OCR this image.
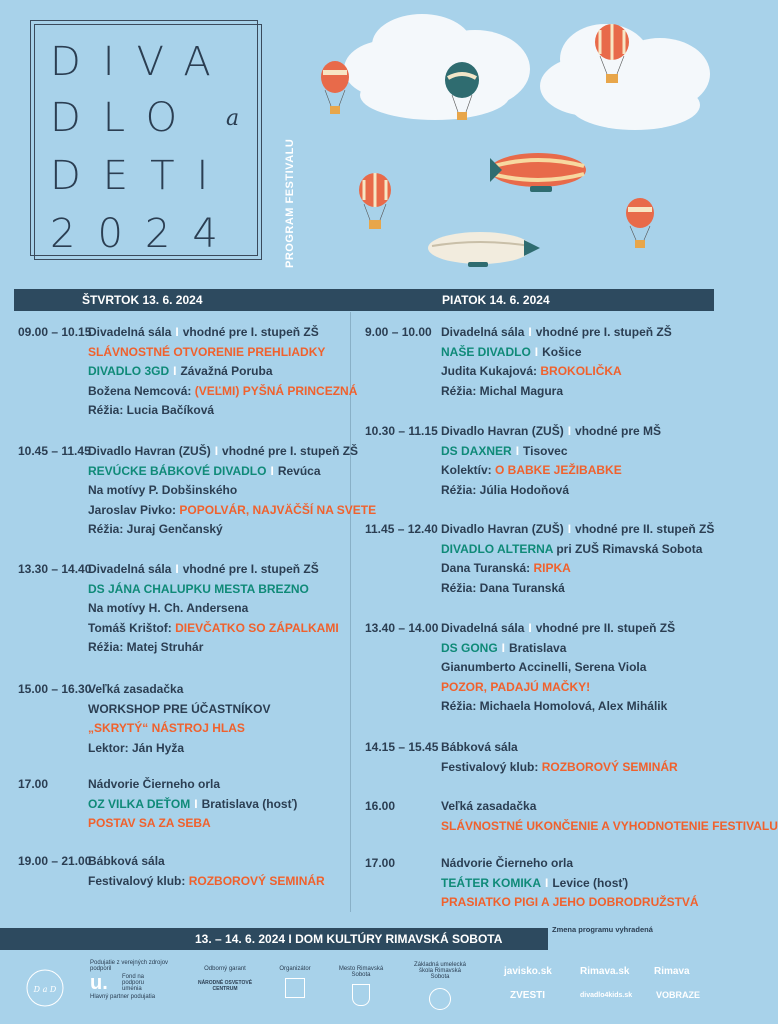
DIVA
DLO a
DETI
2024	PROGRAM FESTIVALU
ŠTVRTOK 13. 6. 2024	PIATOK 14. 6. 2024
09.00 – 10.15
Divadelná sála I vhodné pre I. stupeň ZŠ
SLÁVNOSTNÉ OTVORENIE PREHLIADKY
DIVADLO 3GD I Závažná Poruba
Božena Nemcová: (VEĽMI) PYŠNÁ PRINCEZNÁ
Réžia: Lucia Bačíková
10.45 – 11.45
Divadlo Havran (ZUŠ) I vhodné pre I. stupeň ZŠ
REVÚCKE BÁBKOVÉ DIVADLO I Revúca
Na motívy P. Dobšinského
Jaroslav Pivko: POPOLVÁR, NAJVÄČŠÍ NA SVETE
Réžia: Juraj Genčanský
13.30 – 14.40
Divadelná sála I vhodné pre I. stupeň ZŠ
DS JÁNA CHALUPKU MESTA BREZNO
Na motívy H. Ch. Andersena
Tomáš Krištof: DIEVČATKO SO ZÁPALKAMI
Réžia: Matej Struhár
15.00 – 16.30
Veľká zasadačka
WORKSHOP PRE ÚČASTNÍKOV
„SKRYTÝ“ NÁSTROJ HLAS
Lektor: Ján Hyža
17.00	Nádvorie Čierneho orla
OZ VILKA DEŤOM I Bratislava (hosť)
POSTAV SA ZA SEBA
19.00 – 21.00
Bábková sála
Festivalový klub: ROZBOROVÝ SEMINÁR
9.00 – 10.00 Divadelná sála I vhodné pre I. stupeň ZŠ
NAŠE DIVADLO I Košice
Judita Kukajová: BROKOLIČKA
Réžia: Michal Magura
10.30 – 11.15 Divadlo Havran (ZUŠ) I vhodné pre MŠ
DS DAXNER I Tisovec
Kolektív: O BABKE JEŽIBABKE
Réžia: Júlia Hodoňová
11.45 – 12.40 Divadlo Havran (ZUŠ) I vhodné pre II. stupeň ZŠ
DIVADLO ALTERNA pri ZUŠ Rimavská Sobota
Dana Turanská: RIPKA
Réžia: Dana Turanská
13.40 – 14.00 Divadelná sála I vhodné pre II. stupeň ZŠ
DS GONG I Bratislava
Gianumberto Accinelli, Serena Viola
POZOR, PADAJÚ MAČKY!
Réžia: Michaela Homolová, Alex Mihálik
14.15 – 15.45 Bábková sála
Festivalový klub: ROZBOROVÝ SEMINÁR
16.00	Veľká zasadačka
SLÁVNOSTNÉ UKONČENIE A VYHODNOTENIE FESTIVALU
17.00	Nádvorie Čierneho orla
TEÁTER KOMIKA I Levice (hosť)
PRASIATKO PIGI A JEHO DOBRODRUŽSTVÁ
13. – 14. 6. 2024 I DOM KULTÚRY RIMAVSKÁ SOBOTA
Zmena programu vyhradená
D a D
Podujatie z verejných zdrojov podporil
u.	Fond na podporu umenia
Hlavný partner podujatia
Odborný garant
NÁRODNÉ OSVETOVÉ CENTRUM
Organizátor	Mesto Rimavská Sobota
Základná umelecká škola Rimavská Sobota	javisko.sk	Rimava.sk Rimava
ZVESTI	divadlo4kids.sk	VOBRAZE
